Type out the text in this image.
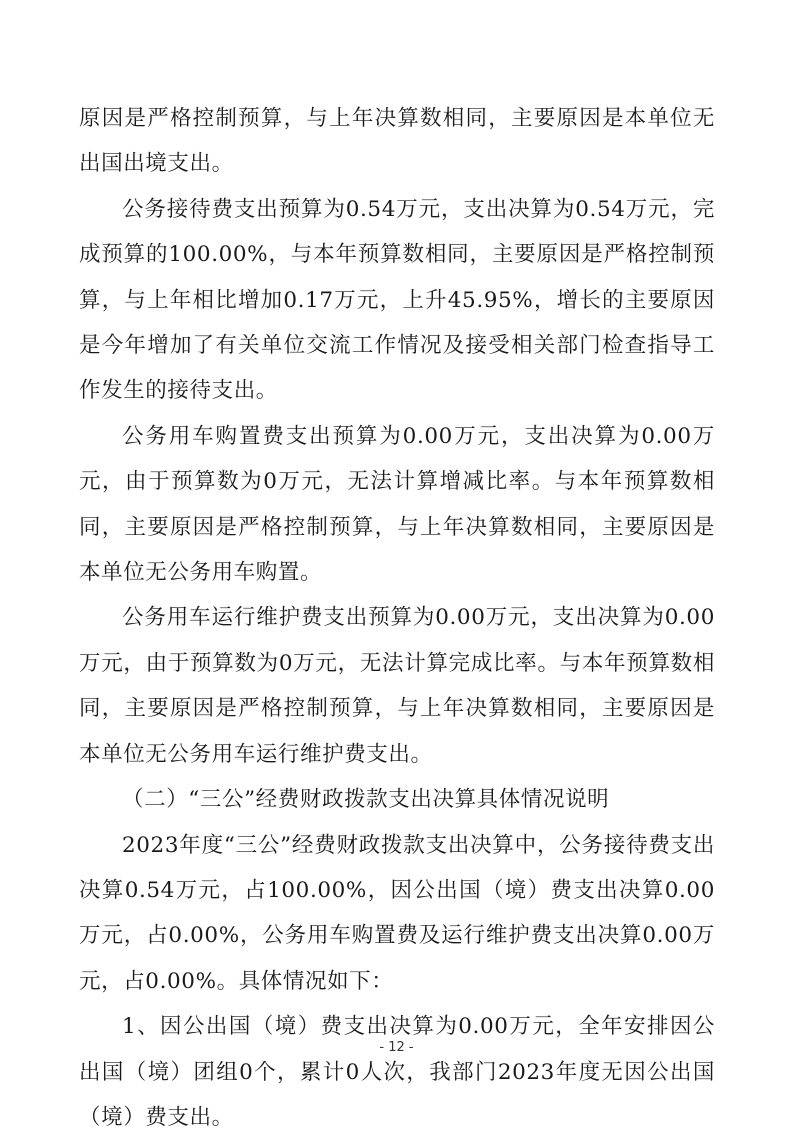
原因是严格控制预算，与上年决算数相同，主要原因是本单位无出国出境支出。

公务接待费支出预算为0.54万元，支出决算为0.54万元，完成预算的100.00%，与本年预算数相同，主要原因是严格控制预算，与上年相比增加0.17万元，上升45.95%，增长的主要原因是今年增加了有关单位交流工作情况及接受相关部门检查指导工作发生的接待支出。

公务用车购置费支出预算为0.00万元，支出决算为0.00万元，由于预算数为0万元，无法计算增减比率。与本年预算数相同，主要原因是严格控制预算，与上年决算数相同，主要原因是本单位无公务用车购置。

公务用车运行维护费支出预算为0.00万元，支出决算为0.00万元，由于预算数为0万元，无法计算完成比率。与本年预算数相同，主要原因是严格控制预算，与上年决算数相同，主要原因是本单位无公务用车运行维护费支出。

（二）“三公”经费财政拨款支出决算具体情况说明

2023年度“三公”经费财政拨款支出决算中，公务接待费支出决算0.54万元，占100.00%，因公出国（境）费支出决算0.00万元，占0.00%，公务用车购置费及运行维护费支出决算0.00万元，占0.00%。具体情况如下：

1、因公出国（境）费支出决算为0.00万元，全年安排因公出国（境）团组0个，累计0人次，我部门2023年度无因公出国（境）费支出。

- 12 -
